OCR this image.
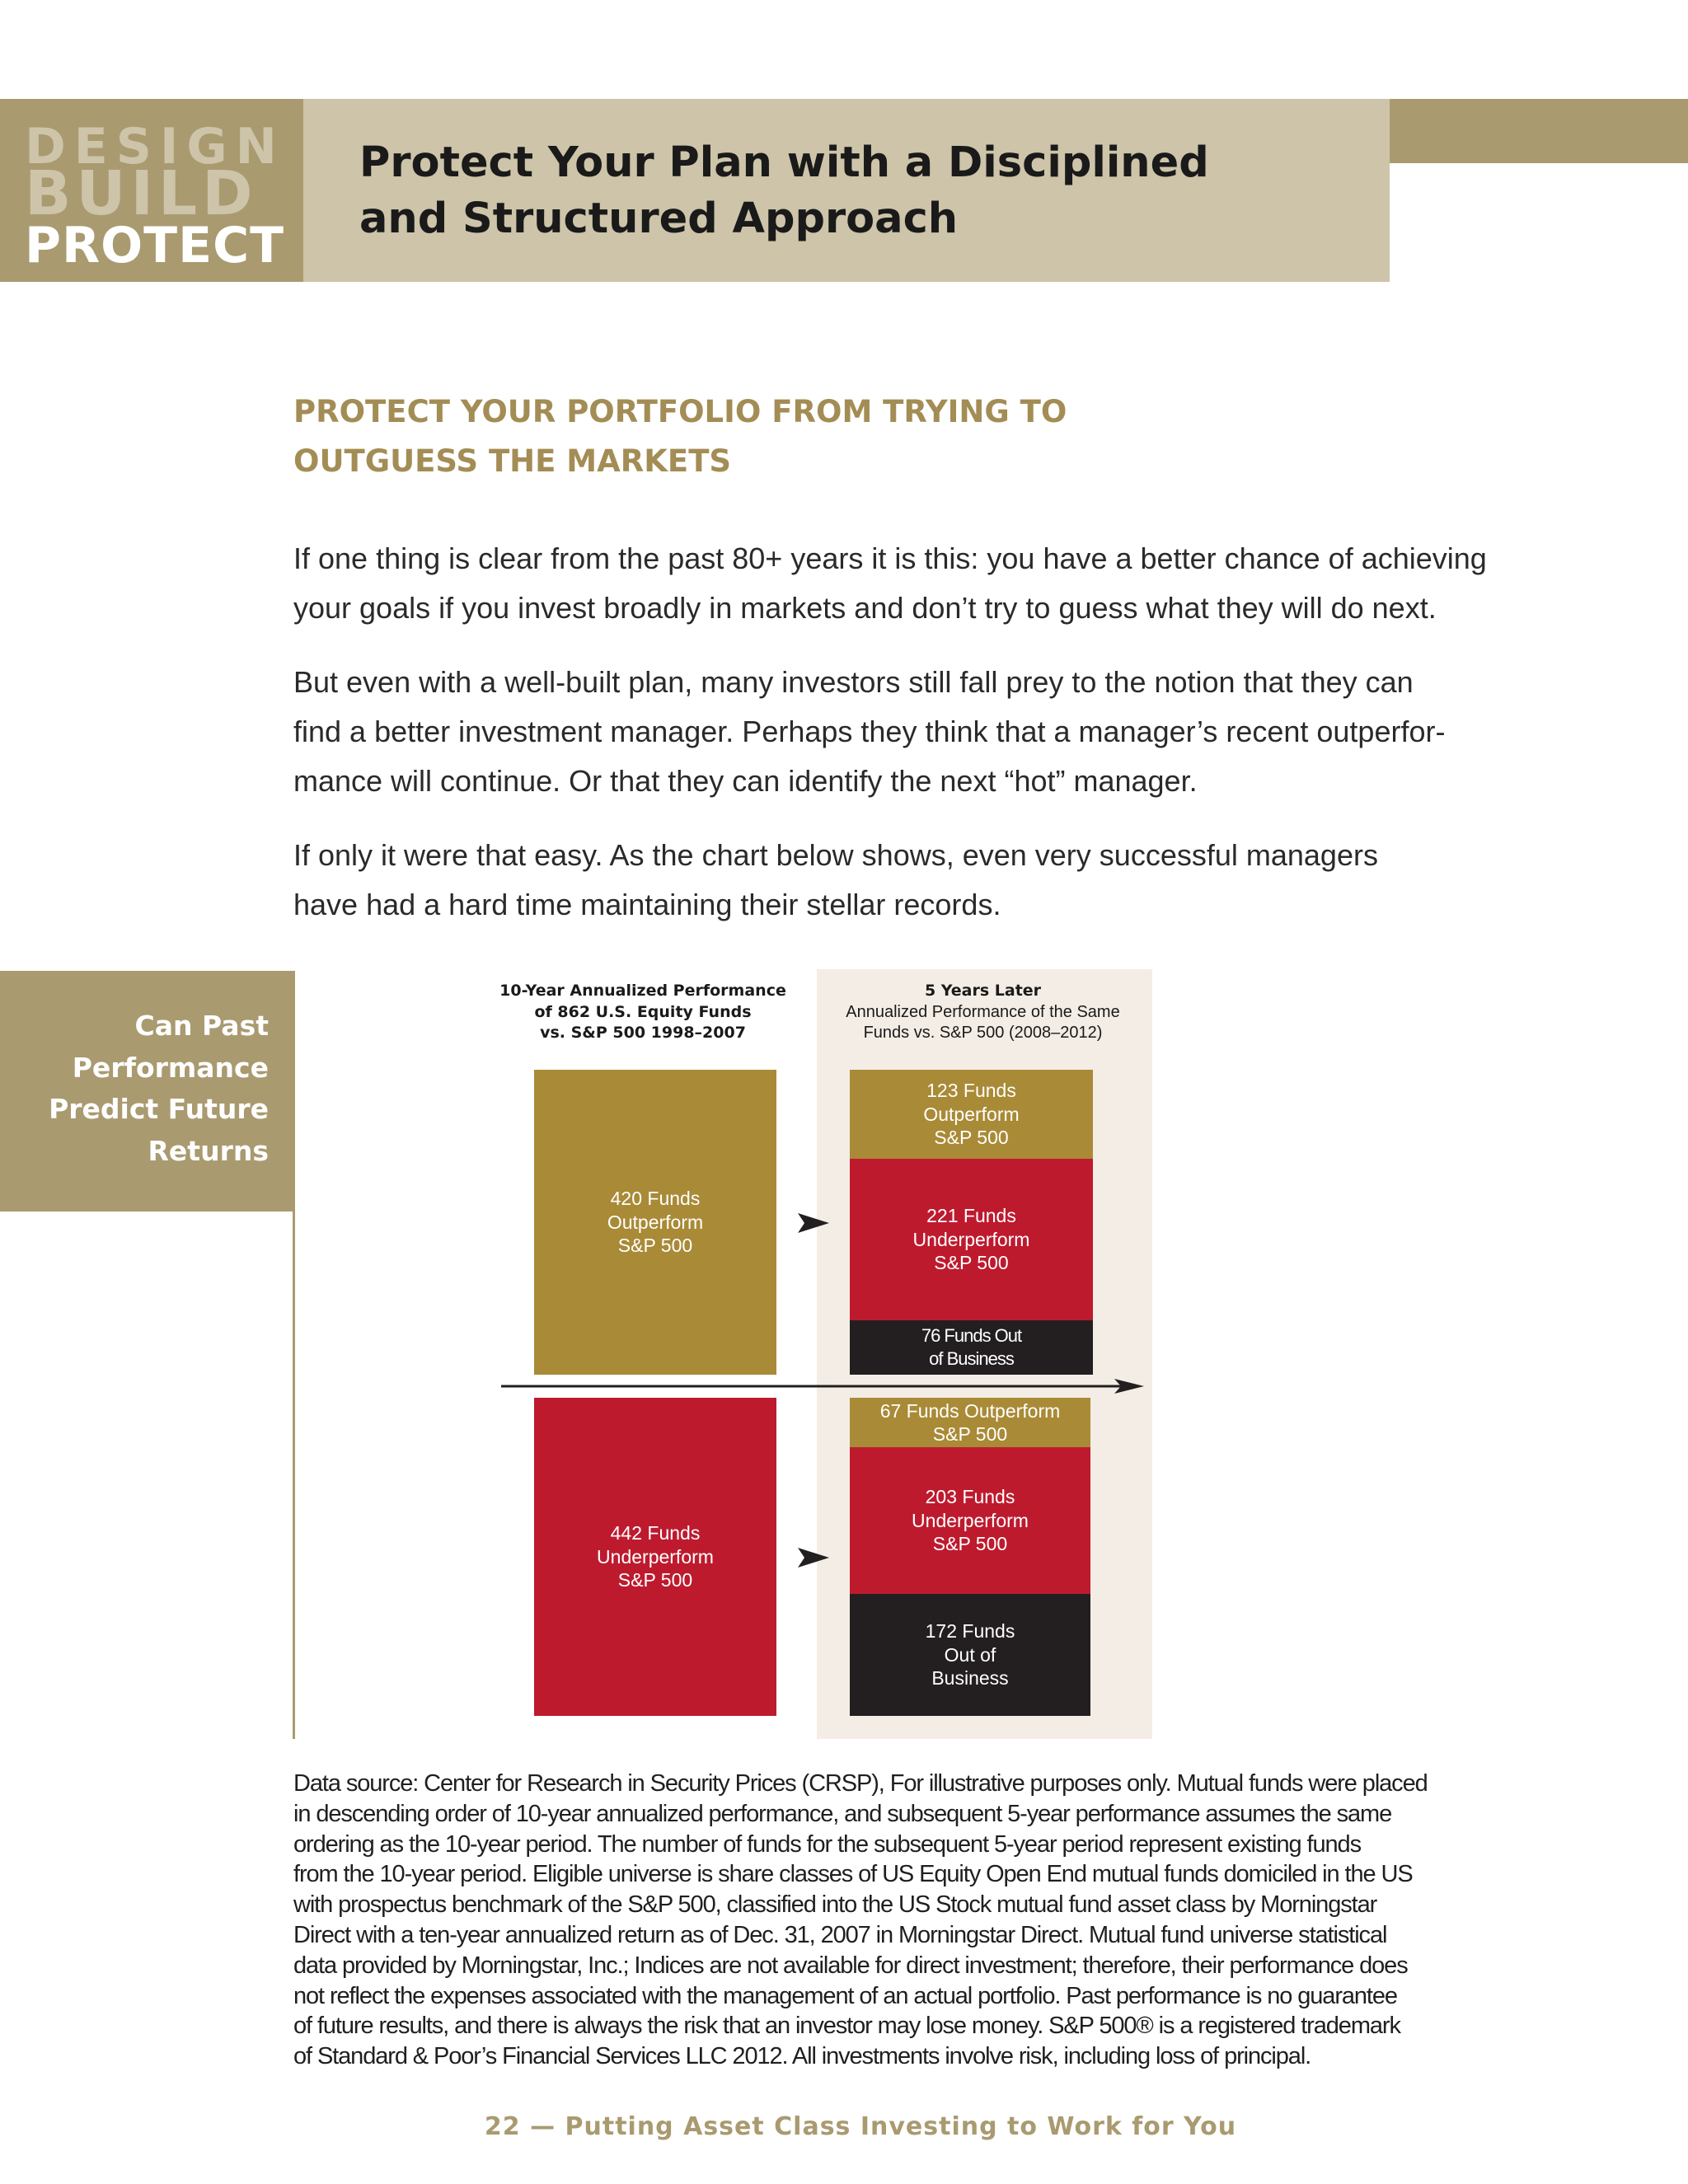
DESIGN
BUILD
PROTECT
Protect Your Plan with a Disciplined
and Structured Approach
PROTECT YOUR PORTFOLIO FROM TRYING TO
OUTGUESS THE MARKETS
If one thing is clear from the past 80+ years it is this: you have a better chance of achieving
your goals if you invest broadly in markets and don’t try to guess what they will do next.
But even with a well-built plan, many investors still fall prey to the notion that they can
find a better investment manager. Perhaps they think that a manager’s recent outperfor-
mance will continue. Or that they can identify the next “hot” manager.
If only it were that easy. As the chart below shows, even very successful managers
have had a hard time maintaining their stellar records.
Can Past
Performance
Predict Future
Returns
10-Year Annualized Performance
of 862 U.S. Equity Funds
vs. S&P 500 1998–2007
5 Years Later
Annualized Performance of the Same
Funds vs. S&P 500 (2008–2012)
420 Funds
Outperform
S&P 500
442 Funds
Underperform
S&P 500
123 Funds
Outperform
S&P 500
221 Funds
Underperform
S&P 500
76 Funds Out
of Business
67 Funds Outperform
S&P 500
203 Funds
Underperform
S&P 500
172 Funds
Out of
Business
Data source: Center for Research in Security Prices (CRSP), For illustrative purposes only. Mutual funds were placed
in descending order of 10-year annualized performance, and subsequent 5-year performance assumes the same
ordering as the 10-year period. The number of funds for the subsequent 5-year period represent existing funds
from the 10-year period. Eligible universe is share classes of US Equity Open End mutual funds domiciled in the US
with prospectus benchmark of the S&P 500, classified into the US Stock mutual fund asset class by Morningstar
Direct with a ten-year annualized return as of Dec. 31, 2007 in Morningstar Direct. Mutual fund universe statistical
data provided by Morningstar, Inc.; Indices are not available for direct investment; therefore, their performance does
not reflect the expenses associated with the management of an actual portfolio. Past performance is no guarantee
of future results, and there is always the risk that an investor may lose money. S&P 500® is a registered trademark
of Standard & Poor’s Financial Services LLC 2012. All investments involve risk, including loss of principal.
22 — Putting Asset Class Investing to Work for You
